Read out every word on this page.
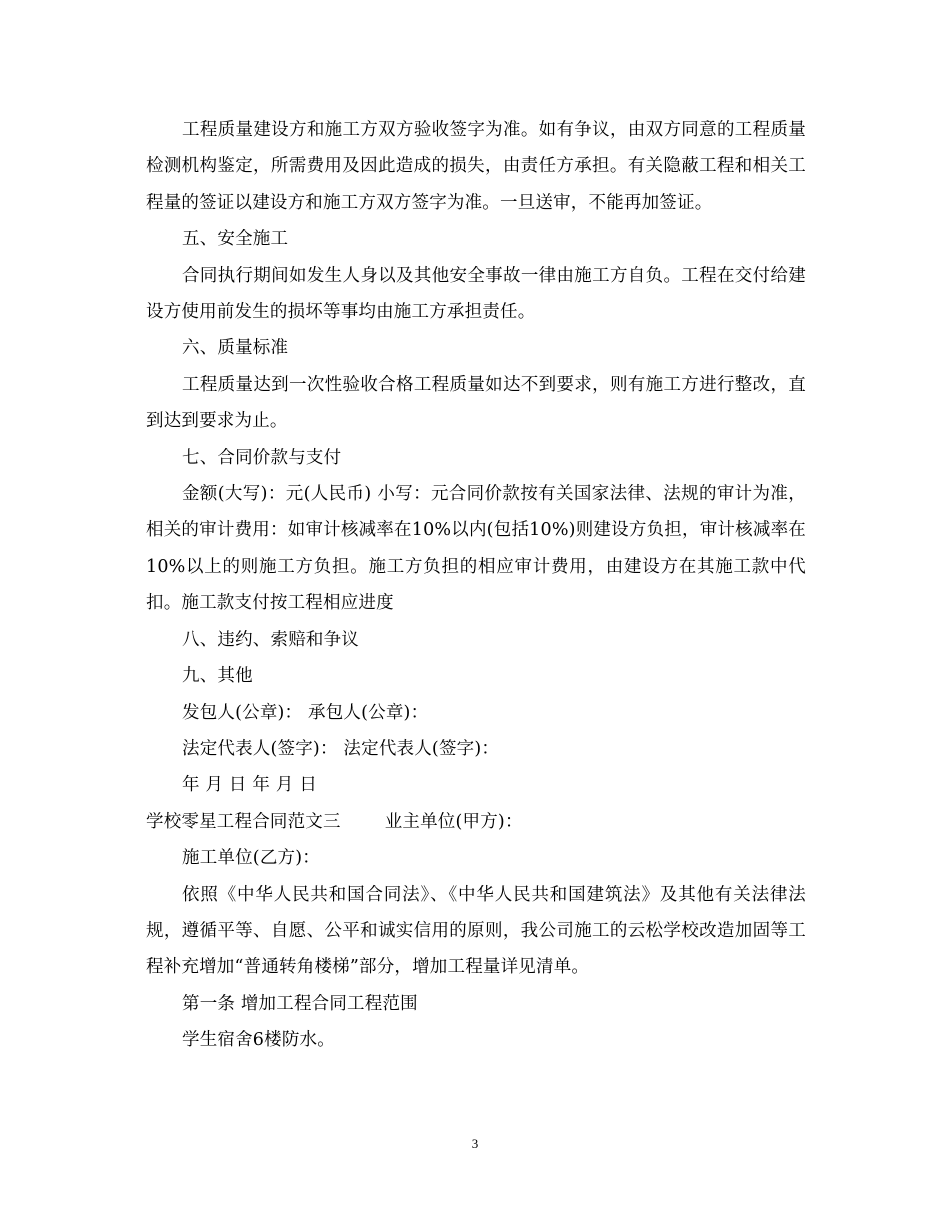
工程质量建设方和施工方双方验收签字为准。如有争议，由双方同意的工程质量检测机构鉴定，所需费用及因此造成的损失，由责任方承担。有关隐蔽工程和相关工程量的签证以建设方和施工方双方签字为准。一旦送审，不能再加签证。

五、安全施工

合同执行期间如发生人身以及其他安全事故一律由施工方自负。工程在交付给建设方使用前发生的损坏等事均由施工方承担责任。

六、质量标准

工程质量达到一次性验收合格工程质量如达不到要求，则有施工方进行整改，直到达到要求为止。

七、合同价款与支付

金额(大写)：元(人民币) 小写：元合同价款按有关国家法律、法规的审计为准，相关的审计费用：如审计核减率在10%以内(包括10%)则建设方负担，审计核减率在10%以上的则施工方负担。施工方负担的相应审计费用，由建设方在其施工款中代扣。施工款支付按工程相应进度

八、违约、索赔和争议

九、其他

发包人(公章)： 承包人(公章)：

法定代表人(签字)： 法定代表人(签字)：

年 月 日 年 月 日

学校零星工程合同范文三	业主单位(甲方)：

施工单位(乙方)：

依照《中华人民共和国合同法》、《中华人民共和国建筑法》及其他有关法律法规，遵循平等、自愿、公平和诚实信用的原则，我公司施工的云松学校改造加固等工程补充增加“普通转角楼梯”部分，增加工程量详见清单。

第一条 增加工程合同工程范围

学生宿舍6楼防水。

3
